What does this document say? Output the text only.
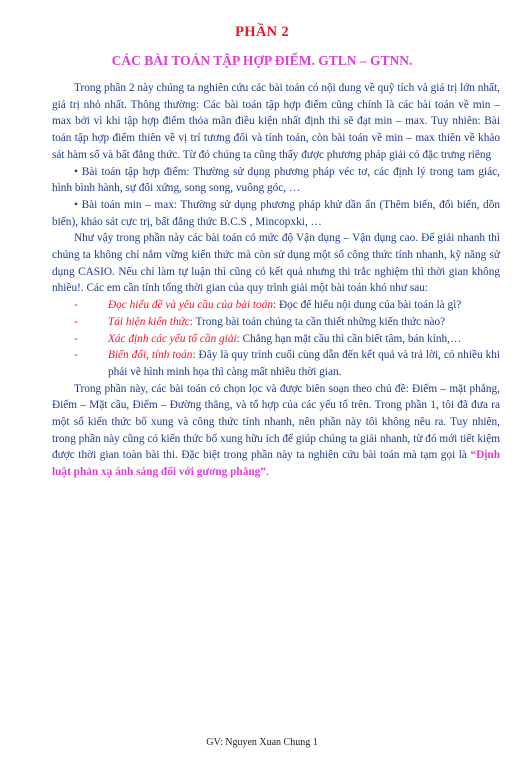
PHẦN 2
CÁC BÀI TOÁN TẬP HỢP ĐIỂM. GTLN – GTNN.

Trong phần 2 này chúng ta nghiên cứu các bài toán có nội dung về quỹ tích và giá trị lớn nhất, giá trị nhỏ nhất. Thông thường: Các bài toán tập hợp điểm cũng chính là các bài toán về min – max bởi vì khi tập hợp điểm thỏa mãn điều kiện nhất định thì sẽ đạt min – max. Tuy nhiên: Bài toán tập hợp điểm thiên về vị trí tương đối và tính toán, còn bài toán về min – max thiên về khảo sát hàm số và bất đẳng thức. Từ đó chúng ta cũng thấy được phương pháp giải có đặc trưng riêng

• Bài toán tập hợp điểm: Thường sử dụng phương pháp véc tơ, các định lý trong tam giác, hình bình hành, sự đối xứng, song song, vuông góc, …

• Bài toán min – max: Thường sử dụng phương pháp khử dần ẩn (Thêm biến, đổi biến, dồn biến), khảo sát cực trị, bất đẳng thức B.C.S , Mincopxki, …

Như vậy trong phần này các bài toán có mức độ Vận dụng – Vận dụng cao. Để giải nhanh thì chúng ta không chỉ nắm vững kiến thức mà còn sử dụng một số công thức tính nhanh, kỹ năng sử dụng CASIO. Nếu chỉ làm tự luận thì cũng có kết quả nhưng thi trắc nghiệm thì thời gian không nhiều!. Các em cần tính tổng thời gian của quy trình giải một bài toán khó như sau:

-	Đọc hiểu đề và yêu cầu của bài toán: Đọc để hiểu nội dung của bài toán là gì?
-	Tái hiện kiến thức: Trong bài toán chúng ta cần thiết những kiến thức nào?
-	Xác định các yếu tố cần giải: Chẳng hạn mặt cầu thì cần biết tâm, bán kính,…
-	Biến đổi, tính toán: Đây là quy trình cuối cùng dẫn đến kết quả và trả lời, có nhiều khi phải vẽ hình minh họa thì càng mất nhiều thời gian.

Trong phần này, các bài toán có chọn lọc và được biên soạn theo chủ đề: Điểm – mặt phẳng, Điểm – Mặt cầu, Điểm – Đường thẳng, và tổ hợp của các yếu tố trên. Trong phần 1, tôi đã đưa ra một số kiến thức bổ xung và công thức tính nhanh, nên phần này tôi không nêu ra. Tuy nhiên, trong phần này cũng có kiến thức bổ xung hữu ích để giúp chúng ta giải nhanh, từ đó mới tiết kiệm được thời gian toàn bài thi. Đặc biệt trong phần này ta nghiên cứu bài toán mà tạm gọi là “Định luật phản xạ ánh sáng đối với gương phẳng”.

GV: Nguyen Xuan Chung 1
